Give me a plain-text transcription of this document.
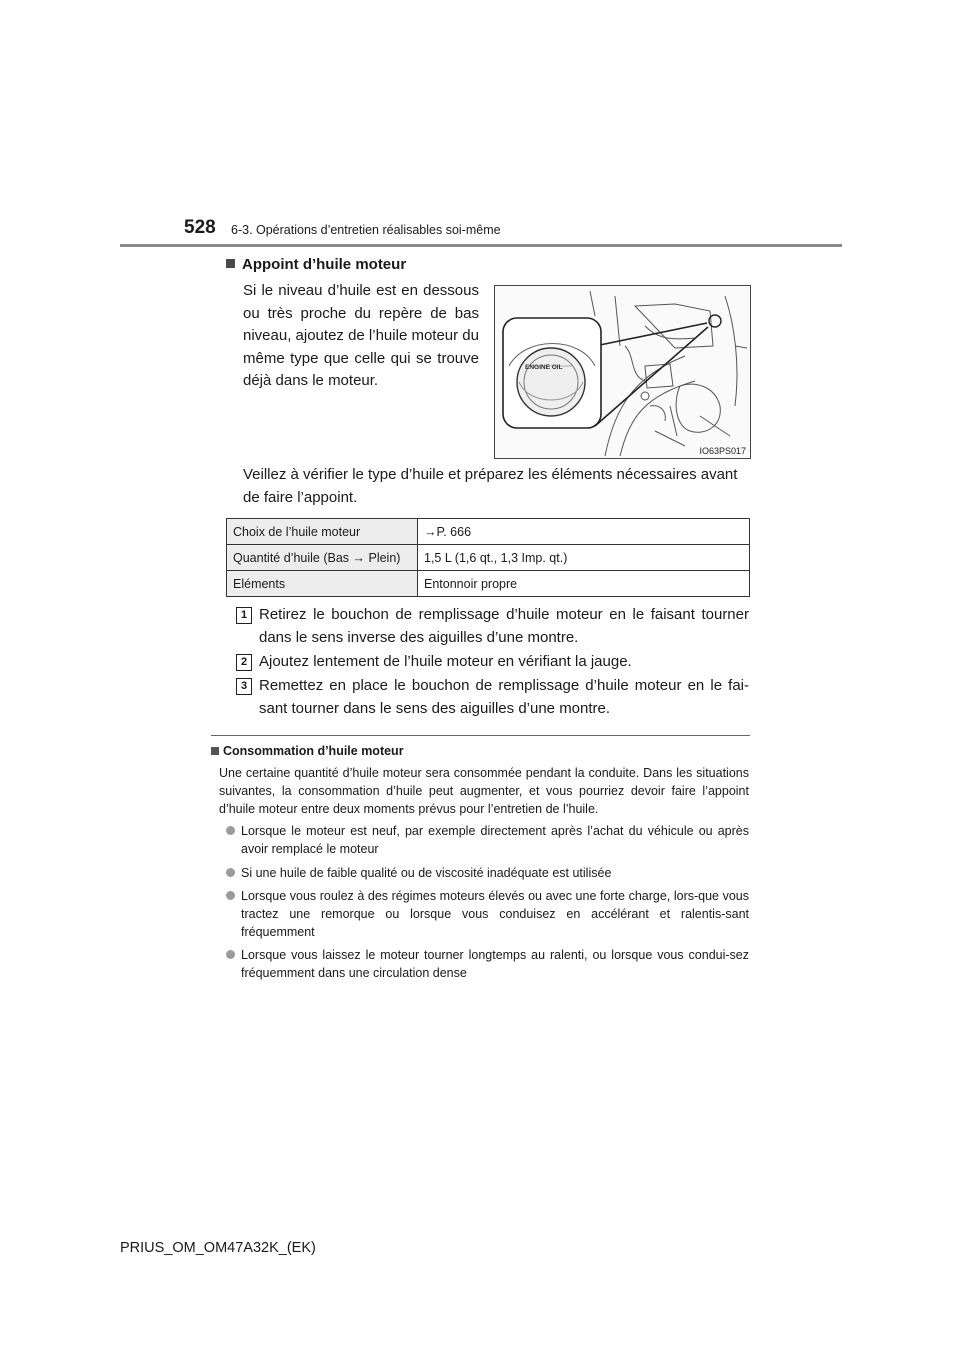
528 6-3. Opérations d’entretien réalisables soi-même
Appoint d’huile moteur
Si le niveau d’huile est en dessous ou très proche du repère de bas niveau, ajoutez de l’huile moteur du même type que celle qui se trouve déjà dans le moteur.
ENGINE OIL
IO63PS017
Veillez à vérifier le type d’huile et préparez les éléments nécessaires avant de faire l’appoint.
Choix de l’huile moteur	→P. 666
Quantité d’huile (Bas → Plein)	1,5 L (1,6 qt., 1,3 Imp. qt.)
Eléments	Entonnoir propre
1 Retirez le bouchon de remplissage d’huile moteur en le faisant tourner dans le sens inverse des aiguilles d’une montre.
2 Ajoutez lentement de l’huile moteur en vérifiant la jauge.
3 Remettez en place le bouchon de remplissage d’huile moteur en le fai-sant tourner dans le sens des aiguilles d’une montre.
Consommation d’huile moteur
Une certaine quantité d’huile moteur sera consommée pendant la conduite. Dans les situations suivantes, la consommation d’huile peut augmenter, et vous pourriez devoir faire l’appoint d’huile moteur entre deux moments prévus pour l’entretien de l’huile.
Lorsque le moteur est neuf, par exemple directement après l’achat du véhicule ou après avoir remplacé le moteur
Si une huile de faible qualité ou de viscosité inadéquate est utilisée
Lorsque vous roulez à des régimes moteurs élevés ou avec une forte charge, lors-que vous tractez une remorque ou lorsque vous conduisez en accélérant et ralentis-sant fréquemment
Lorsque vous laissez le moteur tourner longtemps au ralenti, ou lorsque vous condui-sez fréquemment dans une circulation dense
PRIUS_OM_OM47A32K_(EK)
